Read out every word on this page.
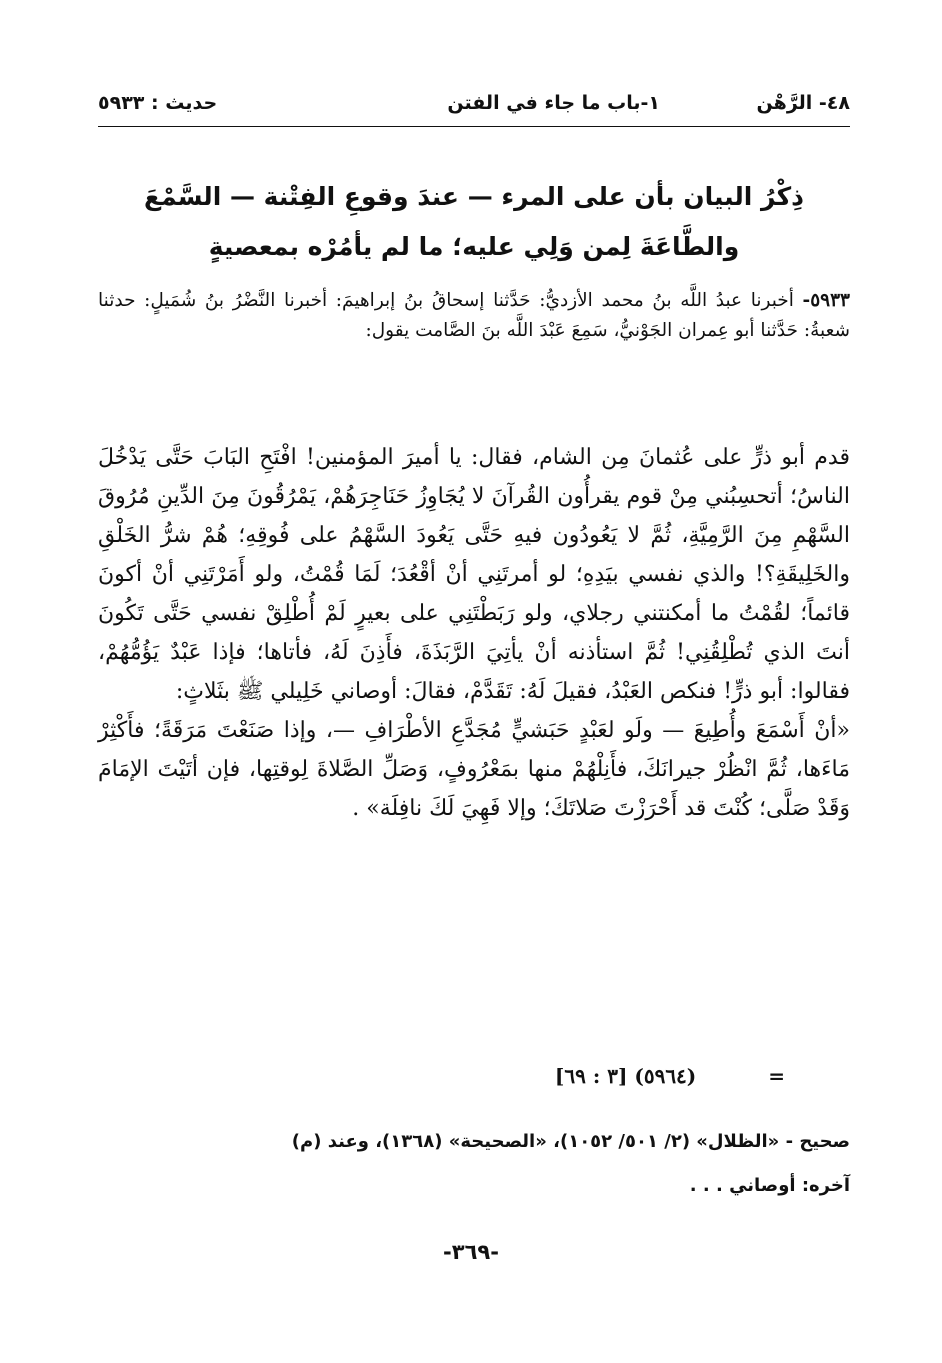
٤٨- الرَّهْن
١-باب ما جاء في الفتن
حديث : ٥٩٣٣
ذِكْرُ البيان بأن على المرء — عندَ وقوعِ الفِتْنة — السَّمْعَ
والطَّاعَةَ لِمن وَلِي عليه؛ ما لم يأمُرْه بمعصيةٍ
٥٩٣٣- أخبرنا عبدُ اللَّه بنُ محمد الأزديُّ: حَدَّثنا إسحاقُ بنُ إبراهيمَ: أخبرنا النَّضْرُ بنُ شُمَيلٍ: حدثنا شعبةُ: حَدَّثنا أبو عِمران الجَوْنيُّ، سَمِعَ عَبْدَ اللَّه بنَ الصَّامت يقول:

قدم أبو ذرٍّ على عُثمانَ مِن الشام، فقال: يا أميرَ المؤمنين! افْتَحِ البَابَ حَتَّى يَدْخُلَ الناسُ؛ أتحسِبُني مِنْ قوم يقرأُون القُرآنَ لا يُجَاوِزُ حَنَاجِرَهُمْ، يَمْرُقُونَ مِنَ الدِّينِ مُرُوقَ السَّهْمِ مِنَ الرَّمِيَّةِ، ثُمَّ لا يَعُودُون فيهِ حَتَّى يَعُودَ السَّهْمُ على فُوقِهِ؛ هُمْ شرُّ الخَلْقِ والخَلِيقَةِ؟! والذي نفسي بيَدِهِ؛ لو أمرتَنِي أنْ أقْعُدَ؛ لَمَا قُمْتُ، ولو أَمَرْتَنِي أنْ أكونَ قائماً؛ لقُمْتُ ما أمكنتني رجلاي، ولو رَبَطْتَنِي على بعيرٍ لَمْ أُطْلِقْ نفسي حَتَّى تَكُونَ أنتَ الذي تُطْلِقُنِي! ثُمَّ استأذنه أنْ يأتِيَ الرَّبَذَةَ، فأَذِنَ لَهُ، فأتاها؛ فإذا عَبْدٌ يَؤُمُّهُمْ، فقالوا: أبو ذرٍّ! فنكص العَبْدُ، فقيلَ لَهُ: تَقَدَّمْ، فقالَ: أوصاني خَلِيلي ﷺ بثَلاثٍ:

«أنْ أَسْمَعَ وأُطِيعَ — ولَو لعَبْدٍ حَبَشيٍّ مُجَدَّعِ الأطْرَافِ —، وإذا صَنَعْتَ مَرَقَةً؛ فأَكْثِرْ مَاءَها، ثُمَّ انْظُرْ جيرانَكَ، فأَنِلْهُمْ منها بمَعْرُوفٍ، وَصَلِّ الصَّلاةَ لِوقتِها، فإن أتَيْتَ الإمَامَ وَقَدْ صَلَّى؛ كُنْتَ قد أَحْرَزْتَ صَلاتَكَ؛ وإلا فَهِيَ لَكَ نافِلَة» .

= (٥٩٦٤) [٣ : ٦٩]

صحيح - «الظلال» (٢/ ٥٠١/ ١٠٥٢)، «الصحيحة» (١٣٦٨)، وعند (م)

آخره: أوصاني . . .

-٣٦٩-
